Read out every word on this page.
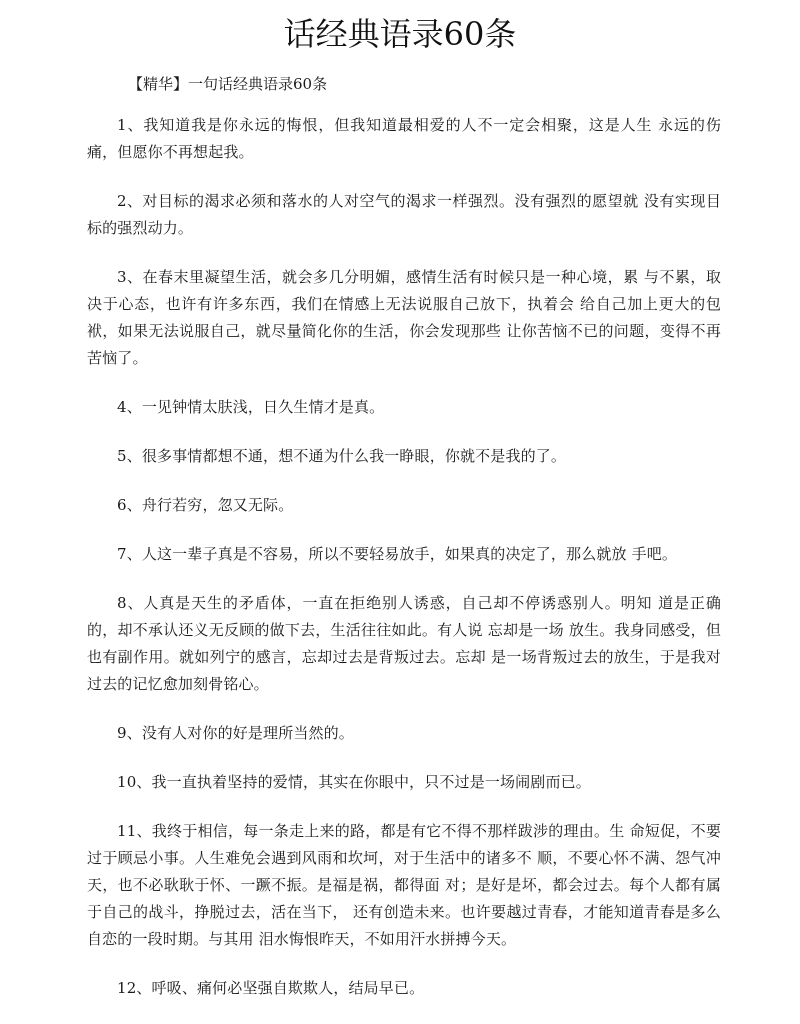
话经典语录60条
【精华】一句话经典语录60条

1、我知道我是你永远的悔恨，但我知道最相爱的人不一定会相聚，这是人生 永远的伤痛，但愿你不再想起我。

2、对目标的渴求必须和落水的人对空气的渴求一样强烈。没有强烈的愿望就 没有实现目标的强烈动力。

3、在春末里凝望生活，就会多几分明媚，感情生活有时候只是一种心境，累 与不累，取决于心态，也许有许多东西，我们在情感上无法说服自己放下，执着会 给自己加上更大的包袱，如果无法说服自己，就尽量简化你的生活，你会发现那些 让你苦恼不已的问题，变得不再苦恼了。

4、一见钟情太肤浅，日久生情才是真。

5、很多事情都想不通，想不通为什么我一睁眼，你就不是我的了。

6、舟行若穷，忽又无际。

7、人这一辈子真是不容易，所以不要轻易放手，如果真的决定了，那么就放 手吧。

8、人真是天生的矛盾体，一直在拒绝别人诱惑，自己却不停诱惑别人。明知 道是正确的，却不承认还义无反顾的做下去，生活往往如此。有人说 忘却是一场 放生。我身同感受，但也有副作用。就如列宁的感言，忘却过去是背叛过去。忘却 是一场背叛过去的放生，于是我对过去的记忆愈加刻骨铭心。

9、没有人对你的好是理所当然的。

10、我一直执着坚持的爱情，其实在你眼中，只不过是一场闹剧而已。

11、我终于相信，每一条走上来的路，都是有它不得不那样跋涉的理由。生 命短促，不要过于顾忌小事。人生难免会遇到风雨和坎坷，对于生活中的诸多不 顺，不要心怀不满、怨气冲天，也不必耿耿于怀、一蹶不振。是福是祸，都得面 对；是好是坏，都会过去。每个人都有属于自己的战斗，挣脱过去，活在当下， 还有创造未来。也许要越过青春，才能知道青春是多么自恋的一段时期。与其用 泪水悔恨昨天，不如用汗水拼搏今天。

12、呼吸、痛何必坚强自欺欺人，结局早已。
